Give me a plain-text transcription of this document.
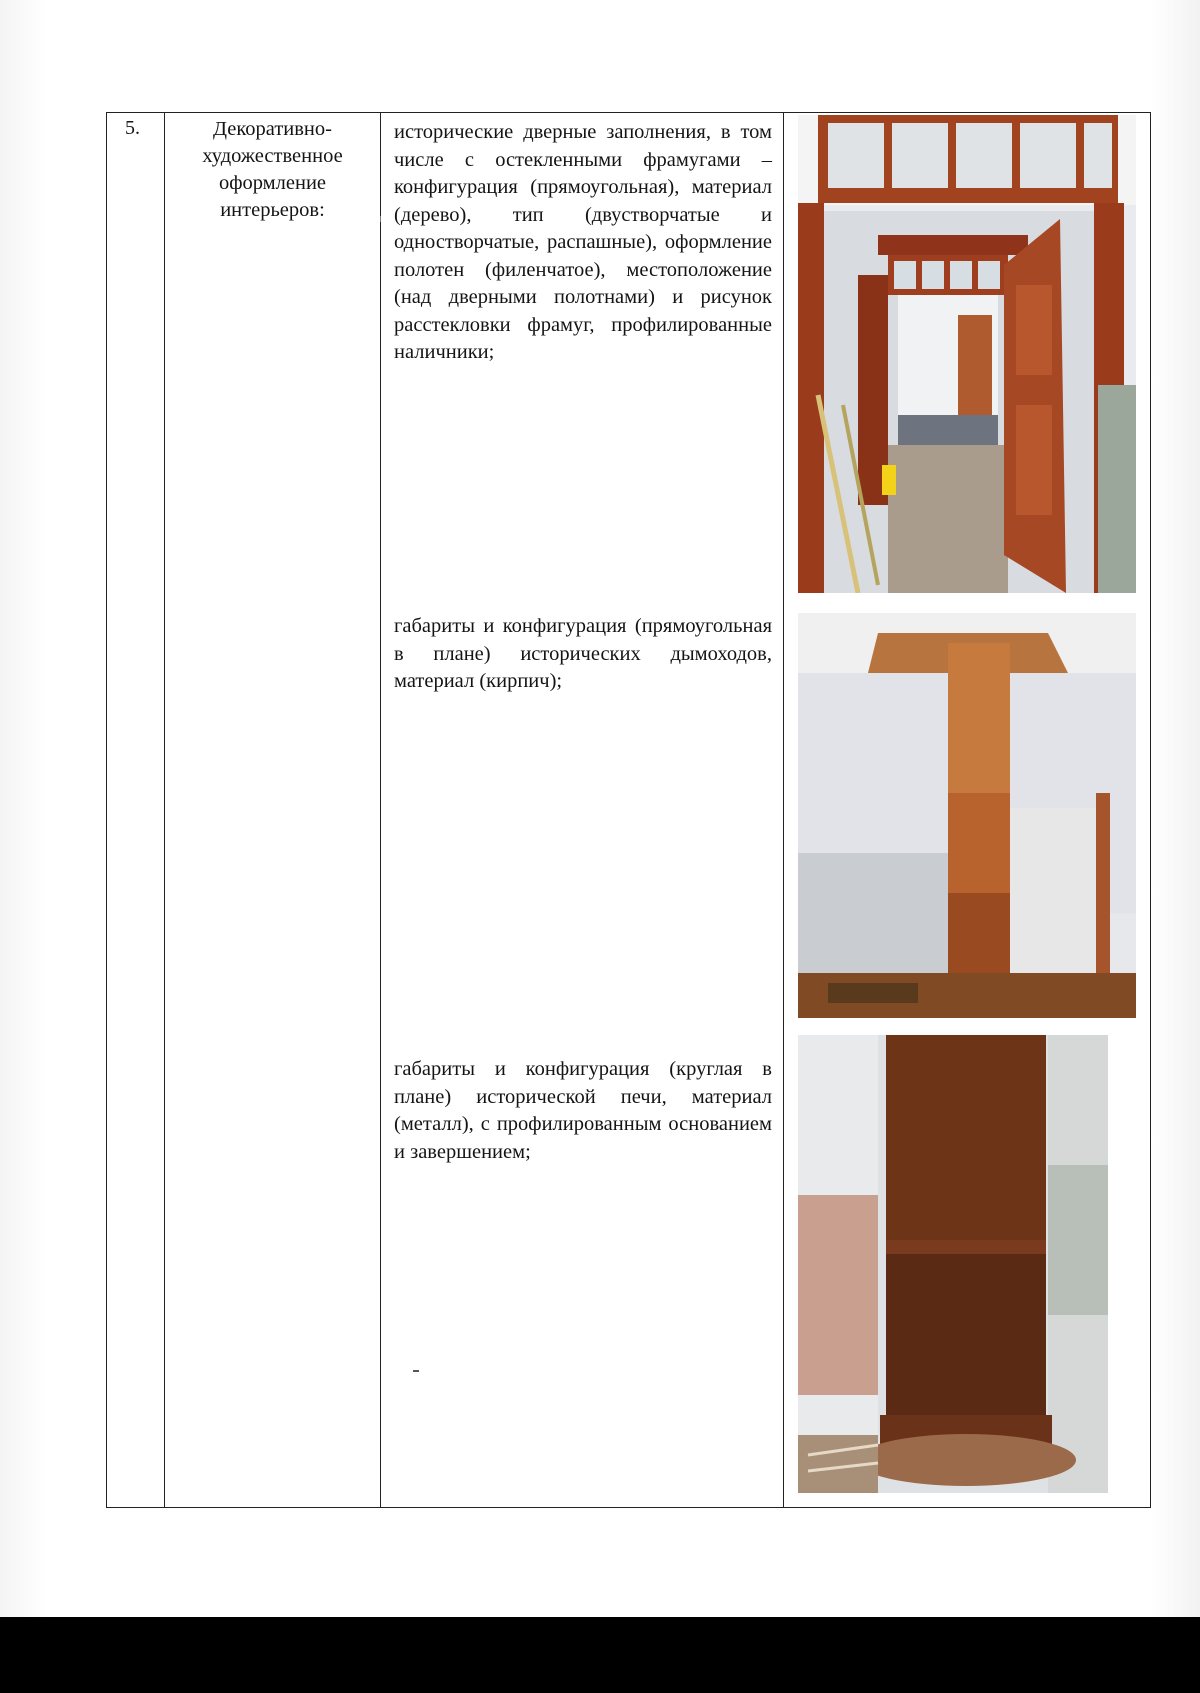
5.	Декоративно-художественное оформление интерьеров:

исторические дверные заполнения, в том числе с остекленными фрамугами –конфигурация (прямоугольная), материал (дерево), тип (двустворчатые и одностворчатые, распашные), оформление полотен (филенчатое), местоположение (над дверными полотнами) и рисунок расстекловки фрамуг, профилированные наличники;
габариты и конфигурация (прямоугольная в плане) исторических дымоходов, материал (кирпич);
габариты и конфигурация (круглая в плане) исторической печи, материал (металл), с профилированным основанием и завершением;
